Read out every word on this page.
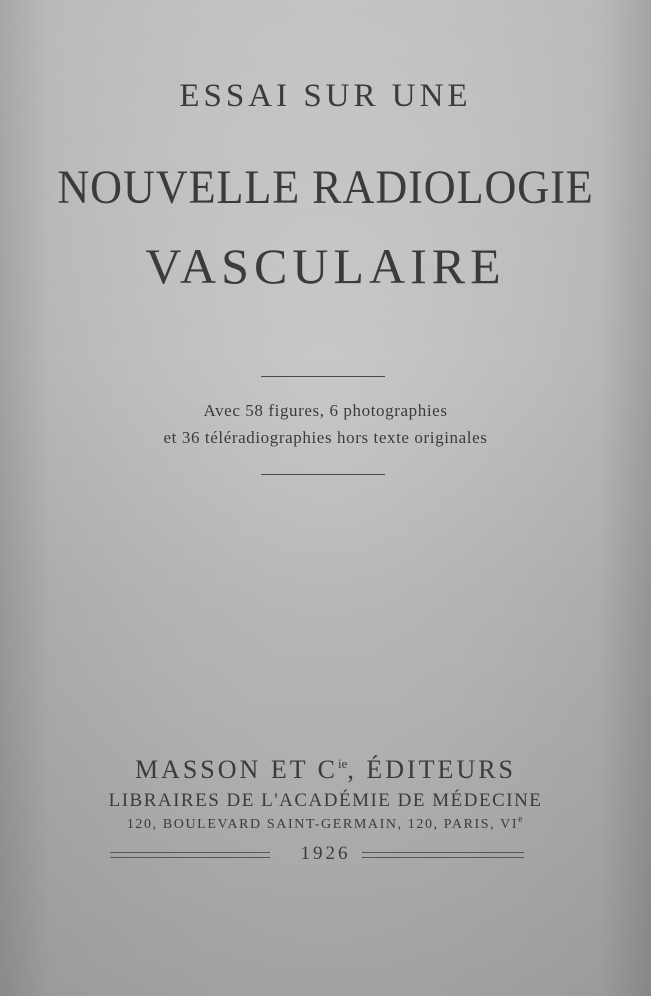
ESSAI SUR UNE
NOUVELLE RADIOLOGIE
VASCULAIRE
Avec 58 figures, 6 photographies
et 36 téléradiographies hors texte originales
MASSON ET $C^{ie}$, ÉDITEURS
LIBRAIRES DE L'ACADÉMIE DE MÉDECINE
120, BOULEVARD SAINT-GERMAIN, 120, PARIS, VIe
1926
